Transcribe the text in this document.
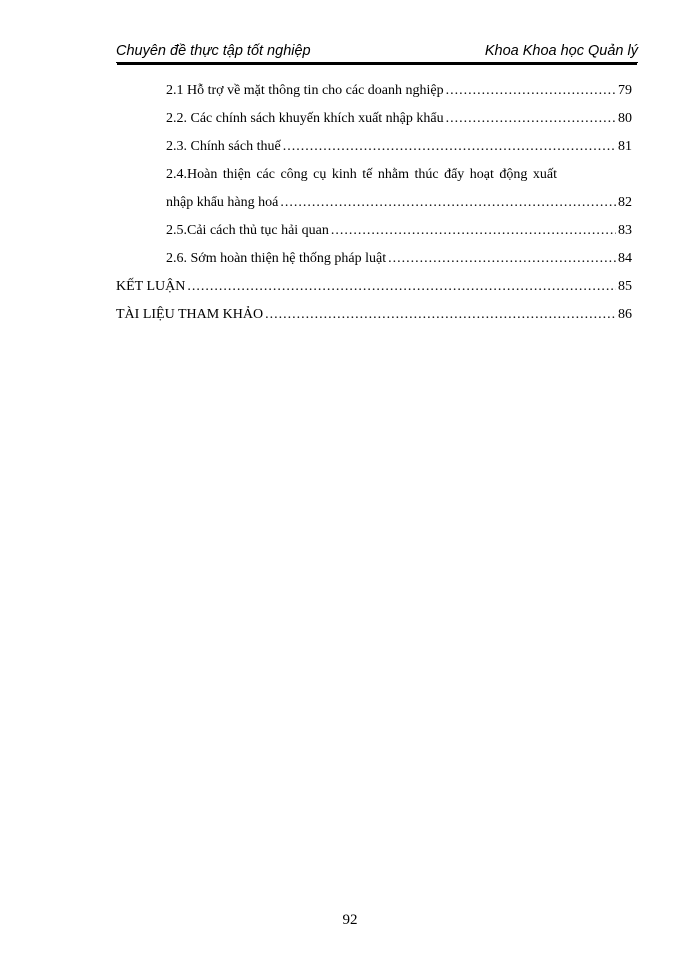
Chuyên đề thực tập tốt nghiệp	Khoa Khoa học Quản lý
2.1 Hỗ trợ về mặt thông tin cho các doanh nghiệp .....	79
2.2. Các chính sách khuyến khích xuất nhập khẩu .....	80
2.3. Chính sách thuế .....	81
2.4.Hoàn thiện các công cụ kinh tế nhằm thúc đẩy hoạt động xuất
nhập khẩu hàng hoá .....	82
2.5.Cải cách thủ tục hải quan .....	83
2.6. Sớm hoàn thiện hệ thống pháp luật .....	84
KẾT LUẬN .....	85
TÀI LIỆU THAM KHẢO .....	86
92
